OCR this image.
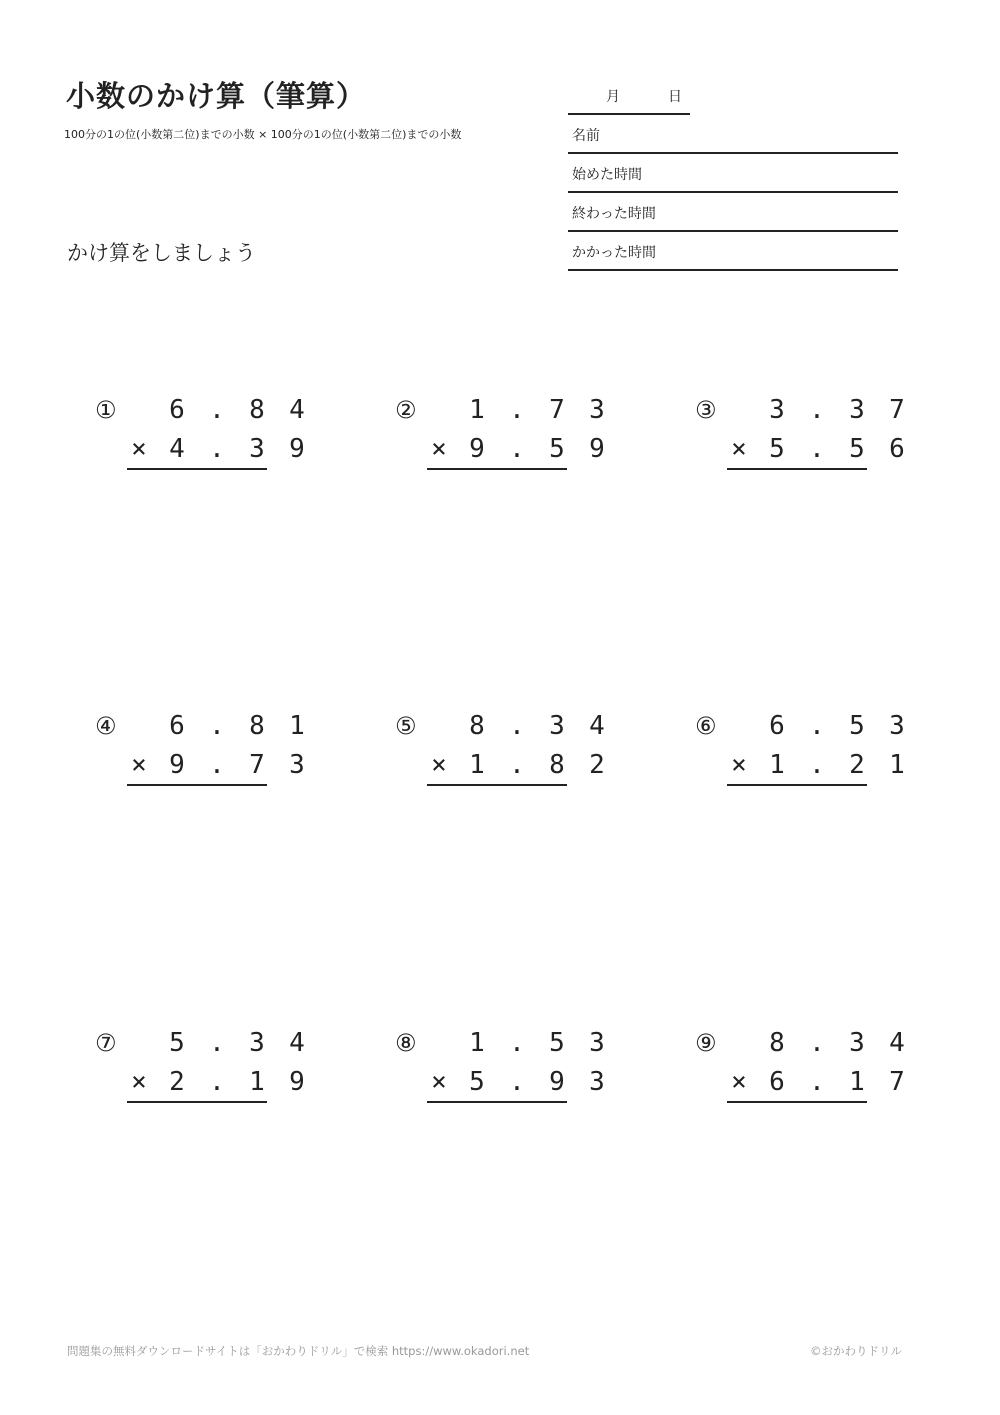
小数のかけ算（筆算）
100分の1の位(小数第二位)までの小数 × 100分の1の位(小数第二位)までの小数
かけ算をしましょう
月	日
名前
始めた時間
終わった時間
かかった時間
① 6 . 8 4
× 4 . 3 9
② 1 . 7 3
× 9 . 5 9
③ 3 . 3 7
× 5 . 5 6
④ 6 . 8 1
× 9 . 7 3
⑤ 8 . 3 4
× 1 . 8 2
⑥ 6 . 5 3
× 1 . 2 1
⑦ 5 . 3 4
× 2 . 1 9
⑧ 1 . 5 3
× 5 . 9 3
⑨ 8 . 3 4
× 6 . 1 7
問題集の無料ダウンロードサイトは「おかわりドリル」で検索 https://www.okadori.net	©おかわりドリル
